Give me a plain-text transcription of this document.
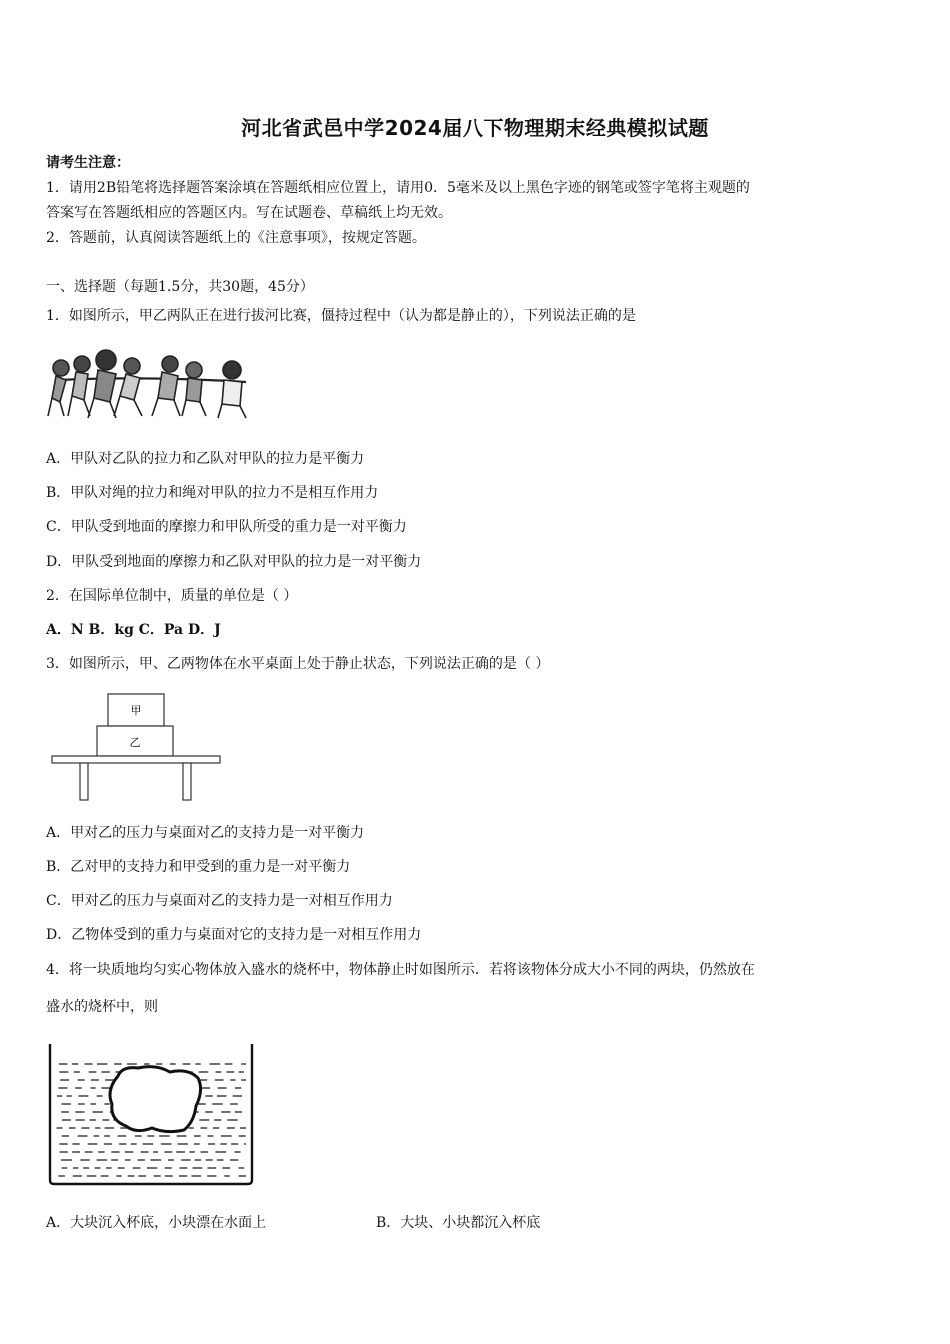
河北省武邑中学2024届八下物理期末经典模拟试题
请考生注意：
1．请用2B铅笔将选择题答案涂填在答题纸相应位置上，请用0．5毫米及以上黑色字迹的钢笔或签字笔将主观题的
答案写在答题纸相应的答题区内。写在试题卷、草稿纸上均无效。
2．答题前，认真阅读答题纸上的《注意事项》，按规定答题。
一、选择题（每题1.5分，共30题，45分）
1．如图所示，甲乙两队正在进行拔河比赛，僵持过程中（认为都是静止的），下列说法正确的是
A．甲队对乙队的拉力和乙队对甲队的拉力是平衡力
B．甲队对绳的拉力和绳对甲队的拉力不是相互作用力
C．甲队受到地面的摩擦力和甲队所受的重力是一对平衡力
D．甲队受到地面的摩擦力和乙队对甲队的拉力是一对平衡力
2．在国际单位制中，质量的单位是（ ）
A．N B．kg C．Pa D．J
3．如图所示，甲、乙两物体在水平桌面上处于静止状态，下列说法正确的是（ ）
甲
乙
A．甲对乙的压力与桌面对乙的支持力是一对平衡力
B．乙对甲的支持力和甲受到的重力是一对平衡力
C．甲对乙的压力与桌面对乙的支持力是一对相互作用力
D．乙物体受到的重力与桌面对它的支持力是一对相互作用力
4．将一块质地均匀实心物体放入盛水的烧杯中，物体静止时如图所示．若将该物体分成大小不同的两块，仍然放在
盛水的烧杯中，则
A．大块沉入杯底，小块漂在水面上	B．大块、小块都沉入杯底
